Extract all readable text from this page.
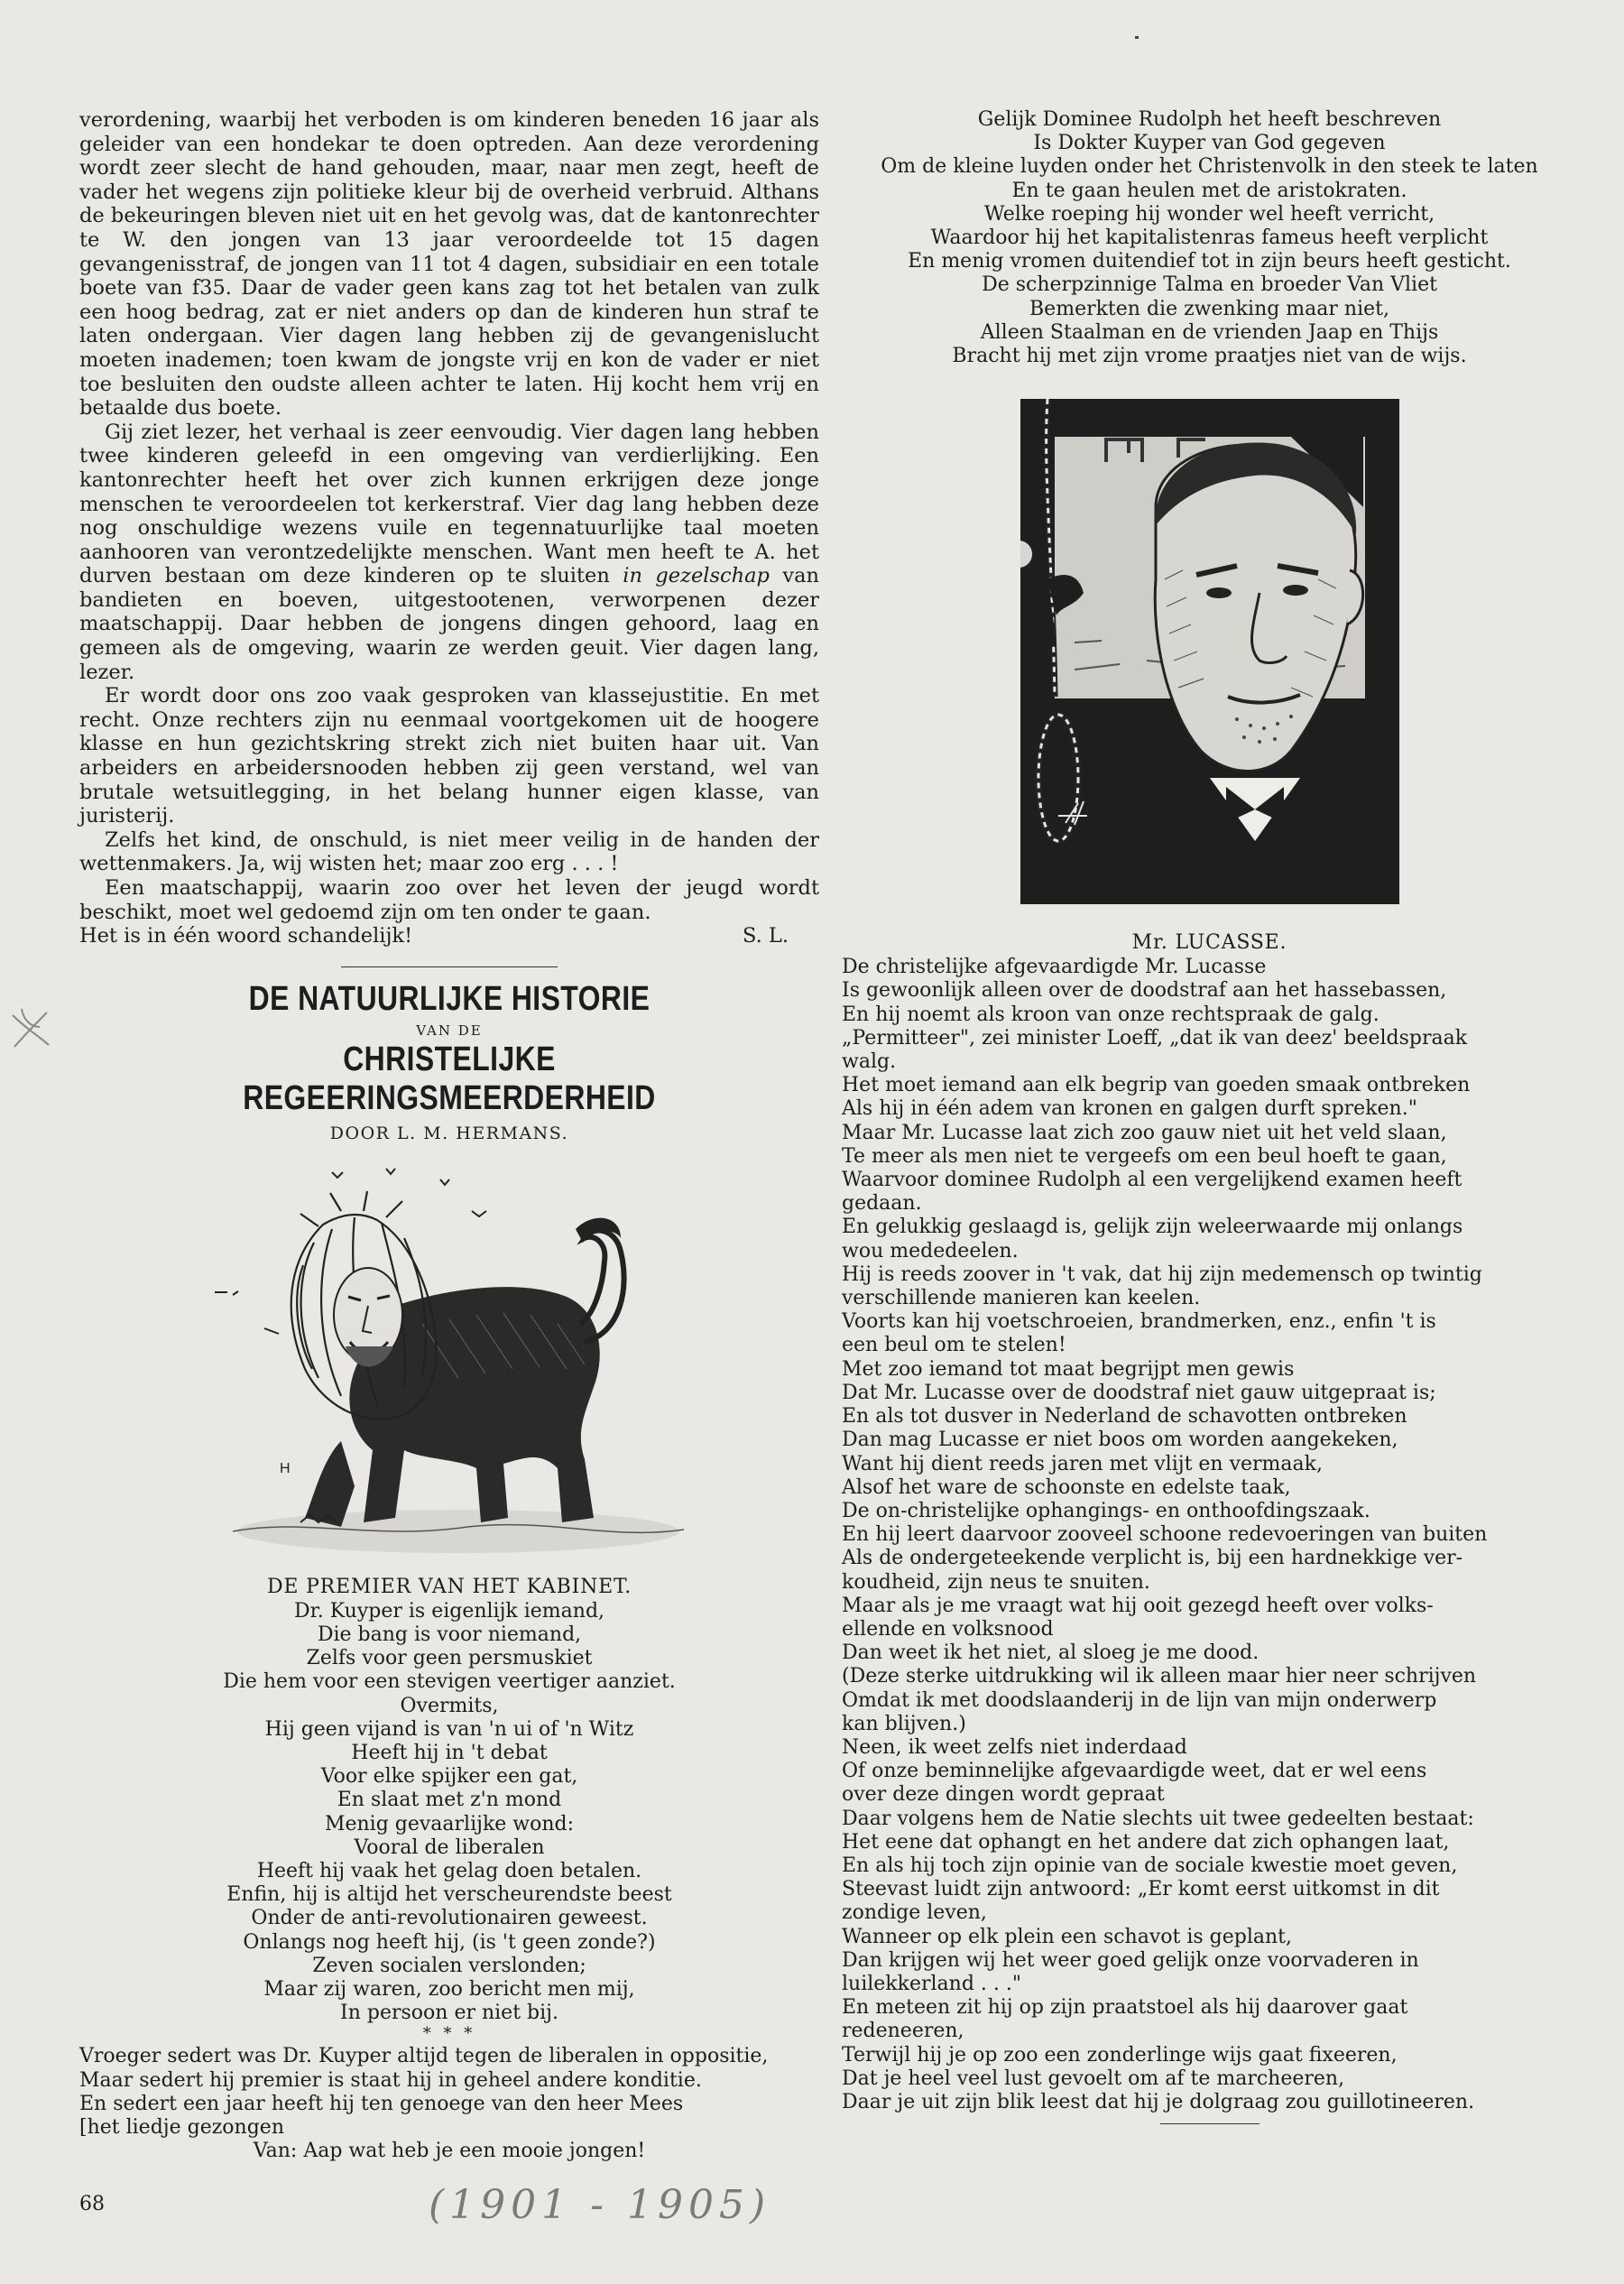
verordening, waarbij het verboden is om kinderen beneden 16 jaar als geleider van een hondekar te doen optreden. Aan deze verordening wordt zeer slecht de hand gehouden, maar, naar men zegt, heeft de vader het wegens zijn politieke kleur bij de overheid verbruid. Althans de bekeuringen bleven niet uit en het gevolg was, dat de kantonrechter te W. den jongen van 13 jaar veroordeelde tot 15 dagen gevangenisstraf, de jongen van 11 tot 4 dagen, subsidiair en een totale boete van f35. Daar de vader geen kans zag tot het betalen van zulk een hoog bedrag, zat er niet anders op dan de kinderen hun straf te laten ondergaan. Vier dagen lang hebben zij de gevangenislucht moeten inademen; toen kwam de jongste vrij en kon de vader er niet toe besluiten den oudste alleen achter te laten. Hij kocht hem vrij en betaalde dus boete.

Gij ziet lezer, het verhaal is zeer eenvoudig. Vier dagen lang hebben twee kinderen geleefd in een omgeving van verdierlijking. Een kantonrechter heeft het over zich kunnen erkrijgen deze jonge menschen te veroordeelen tot kerkerstraf. Vier dag lang hebben deze nog onschuldige wezens vuile en tegennatuurlijke taal moeten aanhooren van verontzedelijkte menschen. Want men heeft te A. het durven bestaan om deze kinderen op te sluiten in gezelschap van bandieten en boeven, uitgestootenen, verworpenen dezer maatschappij. Daar hebben de jongens dingen gehoord, laag en gemeen als de omgeving, waarin ze werden geuit. Vier dagen lang, lezer.

Er wordt door ons zoo vaak gesproken van klassejustitie. En met recht. Onze rechters zijn nu eenmaal voortgekomen uit de hoogere klasse en hun gezichtskring strekt zich niet buiten haar uit. Van arbeiders en arbeidersnooden hebben zij geen verstand, wel van brutale wetsuitlegging, in het belang hunner eigen klasse, van juristerij.

Zelfs het kind, de onschuld, is niet meer veilig in de handen der wettenmakers. Ja, wij wisten het; maar zoo erg . . . !

Een maatschappij, waarin zoo over het leven der jeugd wordt beschikt, moet wel gedoemd zijn om ten onder te gaan.

Het is in één woord schandelijk!	S. L.

DE NATUURLIJKE HISTORIE
VAN DE
CHRISTELIJKE REGEERINGSMEERDERHEID
DOOR L. M. HERMANS.
H
DE PREMIER VAN HET KABINET.
Dr. Kuyper is eigenlijk iemand,
Die bang is voor niemand,
Zelfs voor geen persmuskiet
Die hem voor een stevigen veertiger aanziet.
Overmits,
Hij geen vijand is van 'n ui of 'n Witz
Heeft hij in 't debat
Voor elke spijker een gat,
En slaat met z'n mond
Menig gevaarlijke wond:
Vooral de liberalen
Heeft hij vaak het gelag doen betalen.
Enfin, hij is altijd het verscheurendste beest
Onder de anti-revolutionairen geweest.
Onlangs nog heeft hij, (is 't geen zonde?)
Zeven socialen verslonden;
Maar zij waren, zoo bericht men mij,
In persoon er niet bij.
* * *
Vroeger sedert was Dr. Kuyper altijd tegen de liberalen in oppositie,
Maar sedert hij premier is staat hij in geheel andere konditie.
En sedert een jaar heeft hij ten genoege van den heer Mees
[het liedje gezongen
Van: Aap wat heb je een mooie jongen!
Gelijk Dominee Rudolph het heeft beschreven
Is Dokter Kuyper van God gegeven
Om de kleine luyden onder het Christenvolk in den steek te laten
En te gaan heulen met de aristokraten.
Welke roeping hij wonder wel heeft verricht,
Waardoor hij het kapitalistenras fameus heeft verplicht
En menig vromen duitendief tot in zijn beurs heeft gesticht.
De scherpzinnige Talma en broeder Van Vliet
Bemerkten die zwenking maar niet,
Alleen Staalman en de vrienden Jaap en Thijs
Bracht hij met zijn vrome praatjes niet van de wijs.
Mr. LUCASSE.
De christelijke afgevaardigde Mr. Lucasse
Is gewoonlijk alleen over de doodstraf aan het hassebassen,
En hij noemt als kroon van onze rechtspraak de galg.
„Permitteer", zei minister Loeff, „dat ik van deez' beeldspraak
walg.
Het moet iemand aan elk begrip van goeden smaak ontbreken
Als hij in één adem van kronen en galgen durft spreken."
Maar Mr. Lucasse laat zich zoo gauw niet uit het veld slaan,
Te meer als men niet te vergeefs om een beul hoeft te gaan,
Waarvoor dominee Rudolph al een vergelijkend examen heeft
gedaan.
En gelukkig geslaagd is, gelijk zijn weleerwaarde mij onlangs
wou mededeelen.
Hij is reeds zoover in 't vak, dat hij zijn medemensch op twintig
verschillende manieren kan keelen.
Voorts kan hij voetschroeien, brandmerken, enz., enfin 't is
een beul om te stelen!
Met zoo iemand tot maat begrijpt men gewis
Dat Mr. Lucasse over de doodstraf niet gauw uitgepraat is;
En als tot dusver in Nederland de schavotten ontbreken
Dan mag Lucasse er niet boos om worden aangekeken,
Want hij dient reeds jaren met vlijt en vermaak,
Alsof het ware de schoonste en edelste taak,
De on-christelijke ophangings- en onthoofdingszaak.
En hij leert daarvoor zooveel schoone redevoeringen van buiten
Als de ondergeteekende verplicht is, bij een hardnekkige ver-
koudheid, zijn neus te snuiten.
Maar als je me vraagt wat hij ooit gezegd heeft over volks-
ellende en volksnood
Dan weet ik het niet, al sloeg je me dood.
(Deze sterke uitdrukking wil ik alleen maar hier neer schrijven
Omdat ik met doodslaanderij in de lijn van mijn onderwerp
kan blijven.)
Neen, ik weet zelfs niet inderdaad
Of onze beminnelijke afgevaardigde weet, dat er wel eens
over deze dingen wordt gepraat
Daar volgens hem de Natie slechts uit twee gedeelten bestaat:
Het eene dat ophangt en het andere dat zich ophangen laat,
En als hij toch zijn opinie van de sociale kwestie moet geven,
Steevast luidt zijn antwoord: „Er komt eerst uitkomst in dit
zondige leven,
Wanneer op elk plein een schavot is geplant,
Dan krijgen wij het weer goed gelijk onze voorvaderen in
luilekkerland . . ."
En meteen zit hij op zijn praatstoel als hij daarover gaat
redeneeren,
Terwijl hij je op zoo een zonderlinge wijs gaat fixeeren,
Dat je heel veel lust gevoelt om af te marcheeren,
Daar je uit zijn blik leest dat hij je dolgraag zou guillotineeren.
68	(1901 - 1905)
